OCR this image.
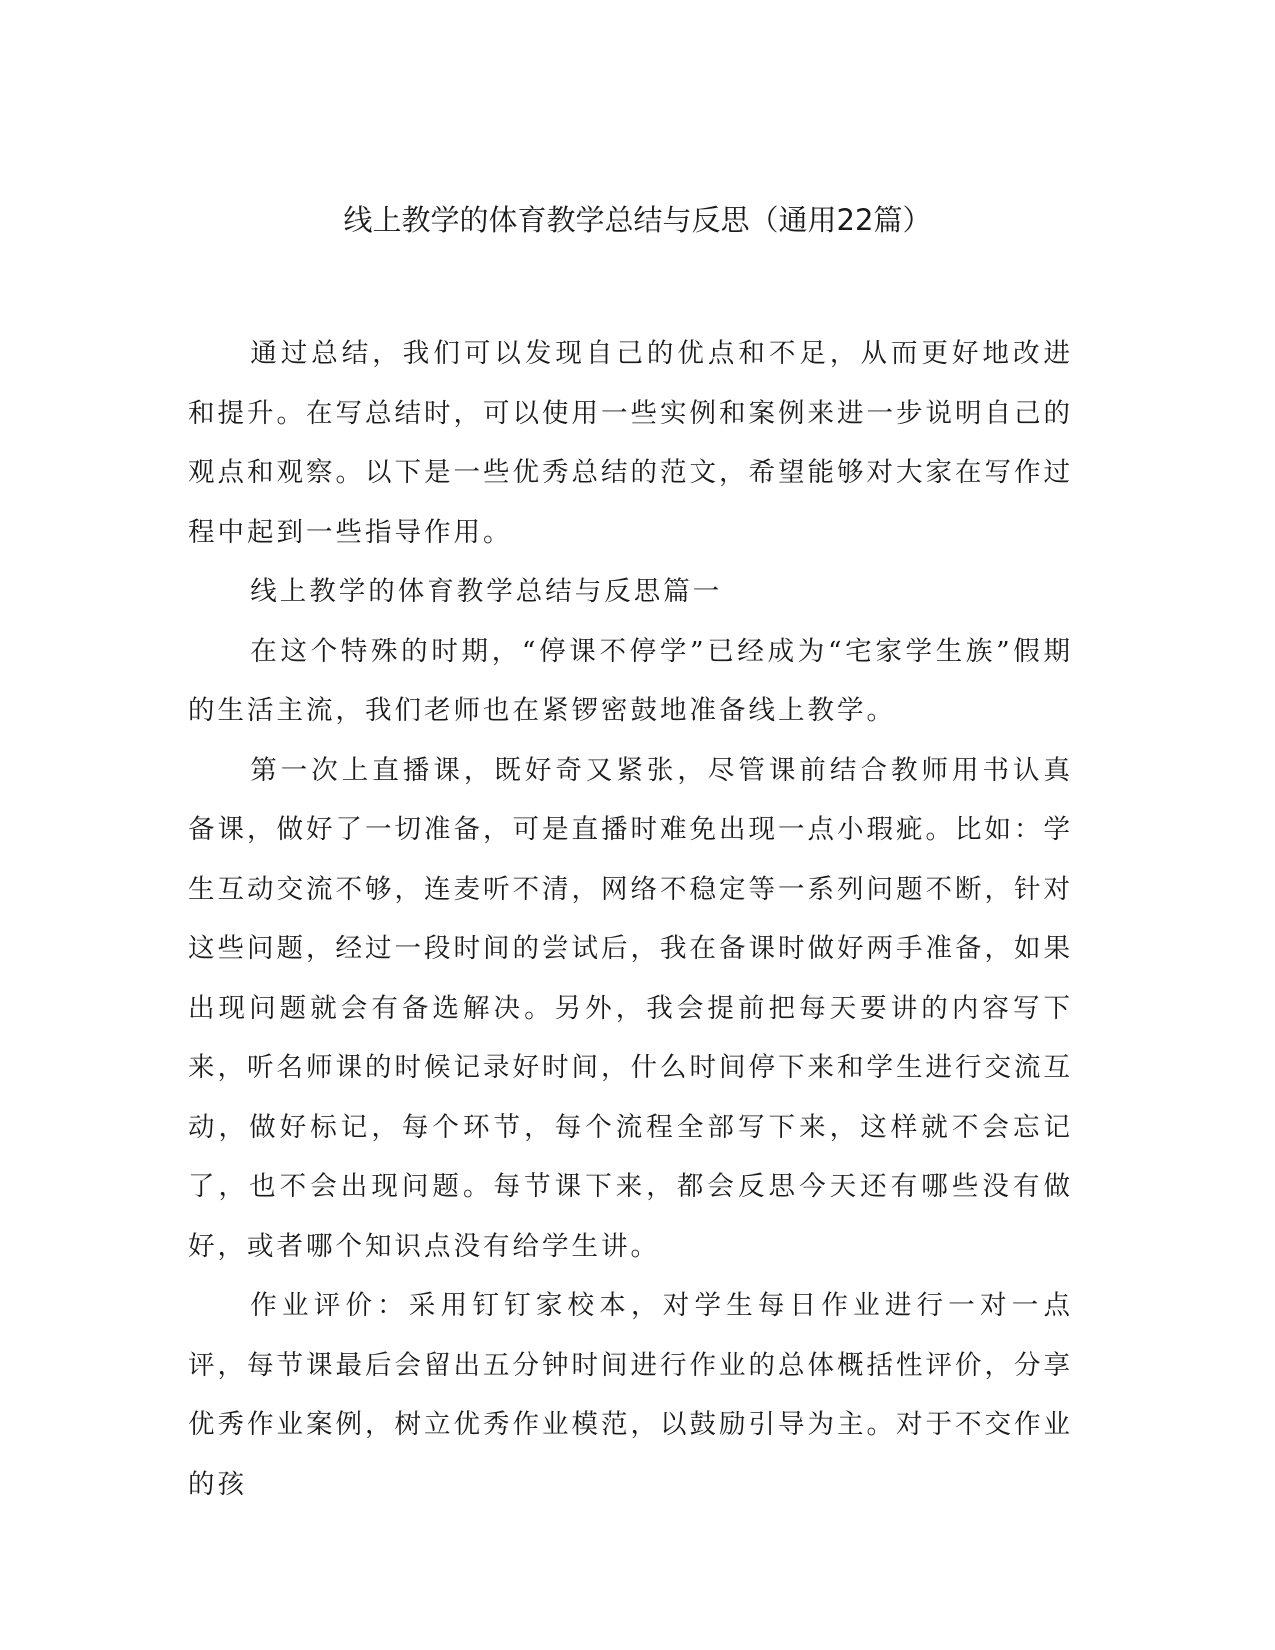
线上教学的体育教学总结与反思（通用22篇）

通过总结，我们可以发现自己的优点和不足，从而更好地改进和提升。在写总结时，可以使用一些实例和案例来进一步说明自己的观点和观察。以下是一些优秀总结的范文，希望能够对大家在写作过程中起到一些指导作用。

线上教学的体育教学总结与反思篇一

在这个特殊的时期，“停课不停学”已经成为“宅家学生族”假期的生活主流，我们老师也在紧锣密鼓地准备线上教学。

第一次上直播课，既好奇又紧张，尽管课前结合教师用书认真备课，做好了一切准备，可是直播时难免出现一点小瑕疵。比如：学生互动交流不够，连麦听不清，网络不稳定等一系列问题不断，针对这些问题，经过一段时间的尝试后，我在备课时做好两手准备，如果出现问题就会有备选解决。另外，我会提前把每天要讲的内容写下来，听名师课的时候记录好时间，什么时间停下来和学生进行交流互动，做好标记，每个环节，每个流程全部写下来，这样就不会忘记了，也不会出现问题。每节课下来，都会反思今天还有哪些没有做好，或者哪个知识点没有给学生讲。

作业评价：采用钉钉家校本，对学生每日作业进行一对一点评，每节课最后会留出五分钟时间进行作业的总体概括性评价，分享优秀作业案例，树立优秀作业模范，以鼓励引导为主。对于不交作业的孩
